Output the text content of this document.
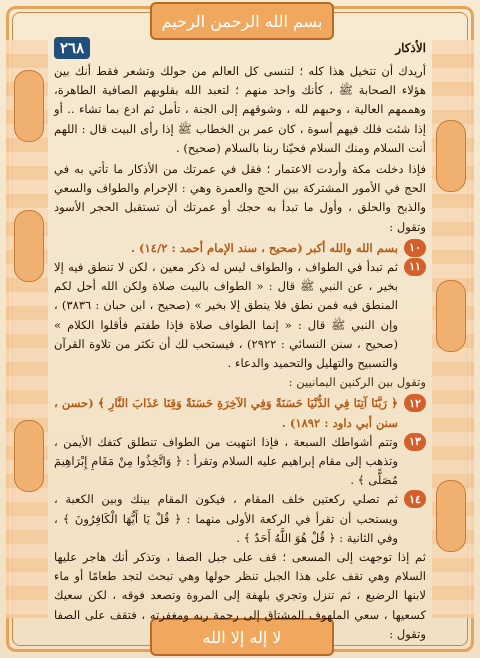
بسم الله الرحمن الرحيم
لا إله إلا الله
الأذكار
٢٦٨

أريدك أن تتخيل هذا كله ؛ لتنسى كل العالم من حولك وتشعر فقط أنك بين هؤلاء الصحابة ﷺ ، كأنك واحد منهم ؛ لتعبد الله بقلوبهم الصافية الطاهرة، وهممهم العالية ، وحبهم لله ، وشوقهم إلى الجنة ، تأمل ثم ادع بما تشاء .. أو إذا شئت فلك فيهم أسوة ، كان عمر بن الخطاب ﷺ إذا رأى البيت قال : اللهم أنت السلام ومنك السلام فحيّنا ربنا بالسلام (صحيح) .

فإذا دخلت مكة وأردت الاعتمار ؛ فقل في عمرتك من الأذكار ما تأتي به في الحج في الأمور المشتركة بين الحج والعمرة وهي : الإحرام والطواف والسعي والذبح والحلق ، وأول ما تبدأ به حجك أو عمرتك أن تستقبل الحجر الأسود وتقول :

١٠
بسم الله والله أكبر (صحيح ، سند الإمام أحمد : ١٤/٢) .
١١
ثم تبدأ في الطواف ، والطواف ليس له ذكر معين ، لكن لا تنطق فيه إلا بخير ، عن النبي ﷺ قال : « الطواف بالبيت صلاة ولكن الله أحل لكم المنطق فيه فمن نطق فلا ينطق إلا بخير » (صحيح ، ابن حبان : ٣٨٣٦) ، وإن النبي ﷺ قال : « إنما الطواف صلاة فإذا طفتم فأقلوا الكلام » (صحيح ، سنن النسائي : ٢٩٢٢) ، فيستحب لك أن تكثر من تلاوة القرآن والتسبيح والتهليل والتحميد والدعاء .

وتقول بين الركنين اليمانيين :

١٢
﴿ رَبَّنَا آتِنَا فِي الدُّنْيَا حَسَنَةً وَفِي الآخِرَةِ حَسَنَةً وَقِنَا عَذَابَ النَّارِ ﴾ (حسن ، سنن أبي داود : ١٨٩٢) .
١٣
وتتم أشواطك السبعة ، فإذا انتهيت من الطواف تنطلق كتفك الأيمن ، وتذهب إلى مقام إبراهيم عليه السلام وتقرأ : ﴿ وَاتَّخِذُوا مِنْ مَقَامِ إِبْرَاهِيمَ مُصَلًّى ﴾ .
١٤
ثم تصلي ركعتين خلف المقام ، فيكون المقام بينك وبين الكعبة ، ويستحب أن تقرأ في الركعة الأولى منهما : ﴿ قُلْ يَا أَيُّهَا الْكَافِرُونَ ﴾ ، وفي الثانية : ﴿ قُلْ هُوَ اللَّهُ أَحَدٌ ﴾ .

ثم إذا توجهت إلى المسعى ؛ قف على جبل الصفا ، وتذكر أنك هاجر عليها السلام وهي تقف على هذا الجبل تنظر حولها وهي تبحث لتجد طعامًا أو ماء لابنها الرضيع ، ثم تنزل وتجري بلهفة إلى المروة وتصعد فوقه ، لكن سعيك كسعيها ، سعي الملهوف المشتاق إلى رحمة ربه ومغفرته ، فتقف على الصفا وتقول :
